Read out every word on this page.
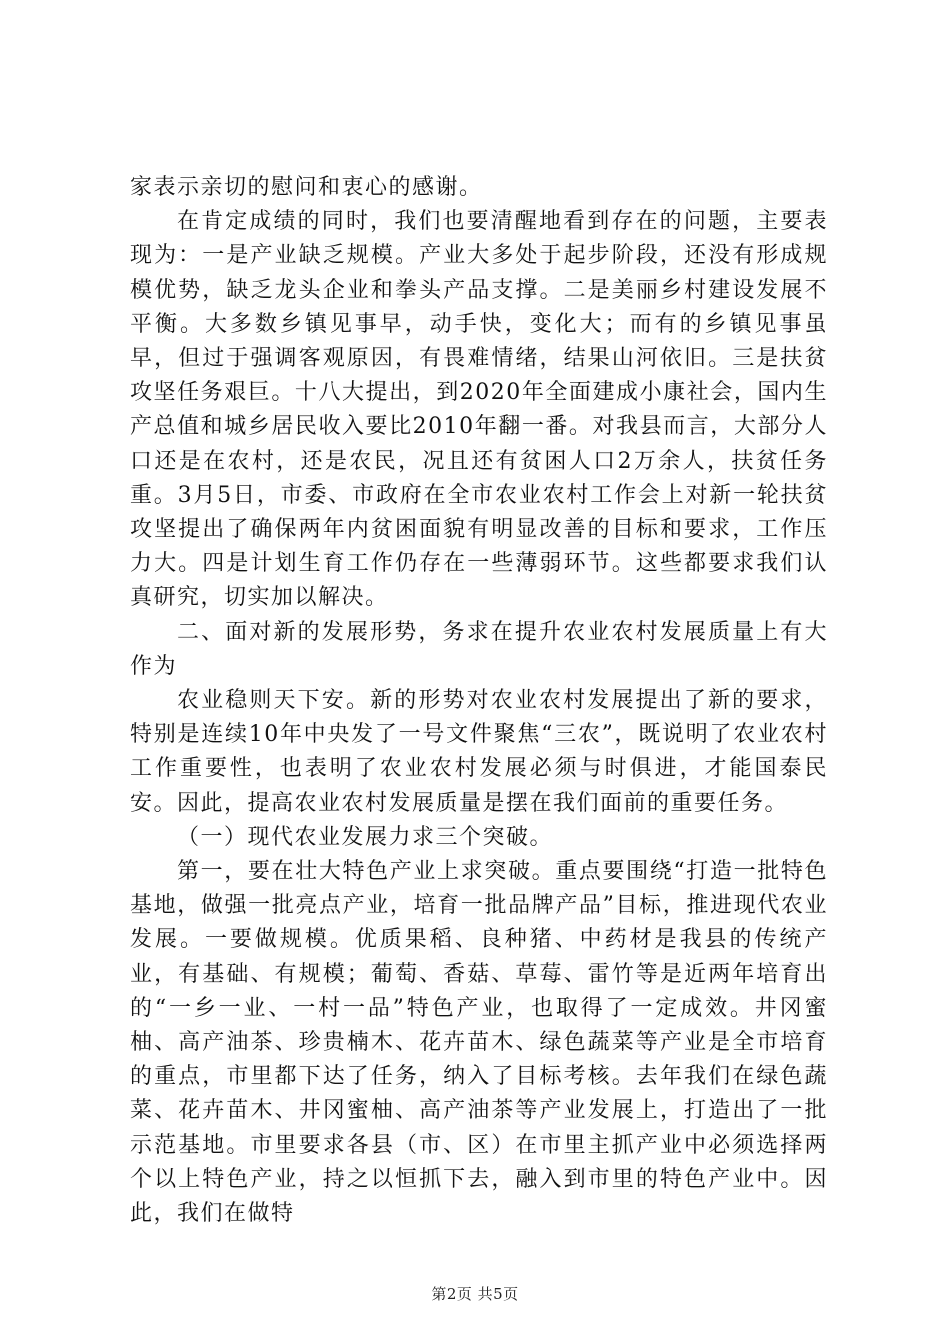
家表示亲切的慰问和衷心的感谢。

在肯定成绩的同时，我们也要清醒地看到存在的问题，主要表现为：一是产业缺乏规模。产业大多处于起步阶段，还没有形成规模优势，缺乏龙头企业和拳头产品支撑。二是美丽乡村建设发展不平衡。大多数乡镇见事早，动手快，变化大；而有的乡镇见事虽早，但过于强调客观原因，有畏难情绪，结果山河依旧。三是扶贫攻坚任务艰巨。十八大提出，到2020年全面建成小康社会，国内生产总值和城乡居民收入要比2010年翻一番。对我县而言，大部分人口还是在农村，还是农民，况且还有贫困人口2万余人，扶贫任务重。3月5日，市委、市政府在全市农业农村工作会上对新一轮扶贫攻坚提出了确保两年内贫困面貌有明显改善的目标和要求，工作压力大。四是计划生育工作仍存在一些薄弱环节。这些都要求我们认真研究，切实加以解决。

二、面对新的发展形势，务求在提升农业农村发展质量上有大作为

农业稳则天下安。新的形势对农业农村发展提出了新的要求，特别是连续10年中央发了一号文件聚焦“三农”，既说明了农业农村工作重要性，也表明了农业农村发展必须与时俱进，才能国泰民安。因此，提高农业农村发展质量是摆在我们面前的重要任务。

（一）现代农业发展力求三个突破。

第一，要在壮大特色产业上求突破。重点要围绕“打造一批特色基地，做强一批亮点产业，培育一批品牌产品”目标，推进现代农业发展。一要做规模。优质果稻、良种猪、中药材是我县的传统产业，有基础、有规模；葡萄、香菇、草莓、雷竹等是近两年培育出的“一乡一业、一村一品”特色产业，也取得了一定成效。井冈蜜柚、高产油茶、珍贵楠木、花卉苗木、绿色蔬菜等产业是全市培育的重点，市里都下达了任务，纳入了目标考核。去年我们在绿色蔬菜、花卉苗木、井冈蜜柚、高产油茶等产业发展上，打造出了一批示范基地。市里要求各县（市、区）在市里主抓产业中必须选择两个以上特色产业，持之以恒抓下去，融入到市里的特色产业中。因此，我们在做特

第2页 共5页
